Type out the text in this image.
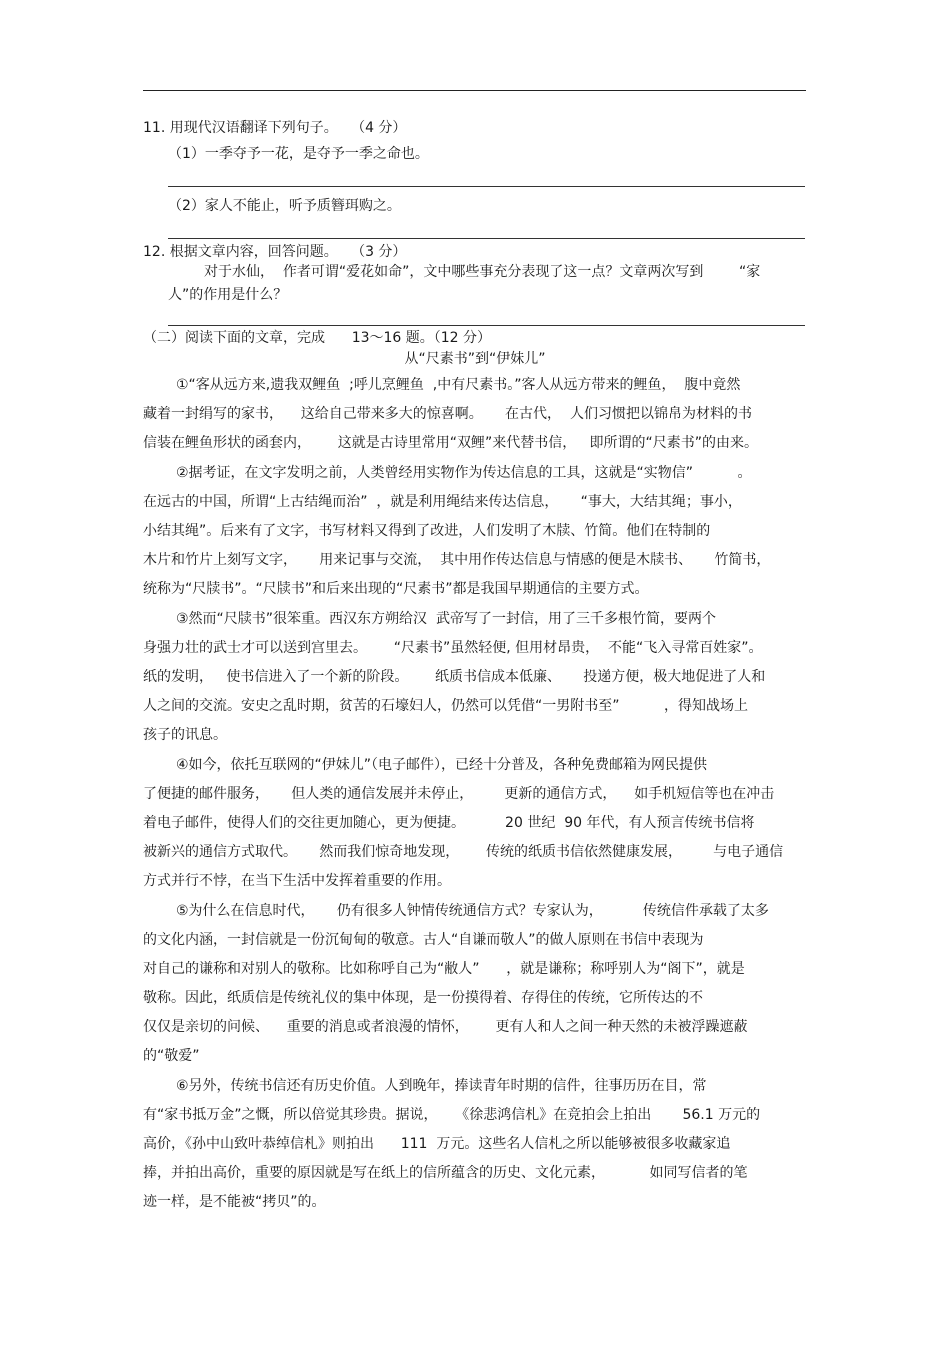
11. 用现代汉语翻译下列句子。   （4 分）
（1）一季夺予一花，是夺予一季之命也。
（2）家人不能止，听予质簪珥购之。
12. 根据文章内容，回答问题。   （3 分）
对于水仙，  作者可谓“爱花如命”，文中哪些事充分表现了这一点？文章两次写到        “家
人”的作用是什么？
（二）阅读下面的文章，完成      13～16 题。（12 分）
从“尺素书”到“伊妹儿”
①“客从远方来,遗我双鲤鱼  ;呼儿烹鲤鱼  ,中有尺素书。”客人从远方带来的鲤鱼，  腹中竟然
藏着一封绢写的家书，    这给自己带来多大的惊喜啊。     在古代，  人们习惯把以锦帛为材料的书
信装在鲤鱼形状的函套内，      这就是古诗里常用“双鲤”来代替书信，   即所谓的“尺素书”的由来。
②据考证，在文字发明之前，人类曾经用实物作为传达信息的工具，这就是“实物信”          。
在远古的中国，所谓“上古结绳而治”  ，就是利用绳结来传达信息，     “事大，大结其绳；事小，
小结其绳”。后来有了文字，书写材料又得到了改进，人们发明了木牍、竹简。他们在特制的
木片和竹片上刻写文字，     用来记事与交流，  其中用作传达信息与情感的便是木牍书、     竹简书，
统称为“尺牍书”。“尺牍书”和后来出现的“尺素书”都是我国早期通信的主要方式。
③然而“尺牍书”很笨重。西汉东方朔给汉  武帝写了一封信，用了三千多根竹简，要两个
身强力壮的武士才可以送到宫里去。      “尺素书”虽然轻便, 但用材昂贵，  不能“飞入寻常百姓家”。
纸的发明，   使书信进入了一个新的阶段。      纸质书信成本低廉、     投递方便，极大地促进了人和
人之间的交流。安史之乱时期，贫苦的石壕妇人，仍然可以凭借“一男附书至”          ，得知战场上
孩子的讯息。
④如今，依托互联网的“伊妹儿”（电子邮件），已经十分普及，各种免费邮箱为网民提供
了便捷的邮件服务，     但人类的通信发展并未停止，       更新的通信方式，    如手机短信等也在冲击
着电子邮件，使得人们的交往更加随心，更为便捷。         20 世纪  90 年代，有人预言传统书信将
被新兴的通信方式取代。     然而我们惊奇地发现，      传统的纸质书信依然健康发展，       与电子通信
方式并行不悖，在当下生活中发挥着重要的作用。
⑤为什么在信息时代，     仍有很多人钟情传统通信方式？专家认为，         传统信件承载了太多
的文化内涵，一封信就是一份沉甸甸的敬意。古人“自谦而敬人”的做人原则在书信中表现为
对自己的谦称和对别人的敬称。比如称呼自己为“敝人”      ，就是谦称；称呼别人为“阁下”，就是
敬称。因此，纸质信是传统礼仪的集中体现，是一份摸得着、存得住的传统，它所传达的不
仅仅是亲切的问候、    重要的消息或者浪漫的情怀，      更有人和人之间一种天然的未被浮躁遮蔽
的“敬爱”
⑥另外，传统书信还有历史价值。人到晚年，捧读青年时期的信件，往事历历在目，常
有“家书抵万金”之慨，所以倍觉其珍贵。据说，    《徐悲鸿信札》在竞拍会上拍出       56.1 万元的
高价，《孙中山致叶恭绰信札》则拍出      111  万元。这些名人信札之所以能够被很多收藏家追
捧，并拍出高价，重要的原因就是写在纸上的信所蕴含的历史、文化元素，          如同写信者的笔
迹一样，是不能被“拷贝”的。
